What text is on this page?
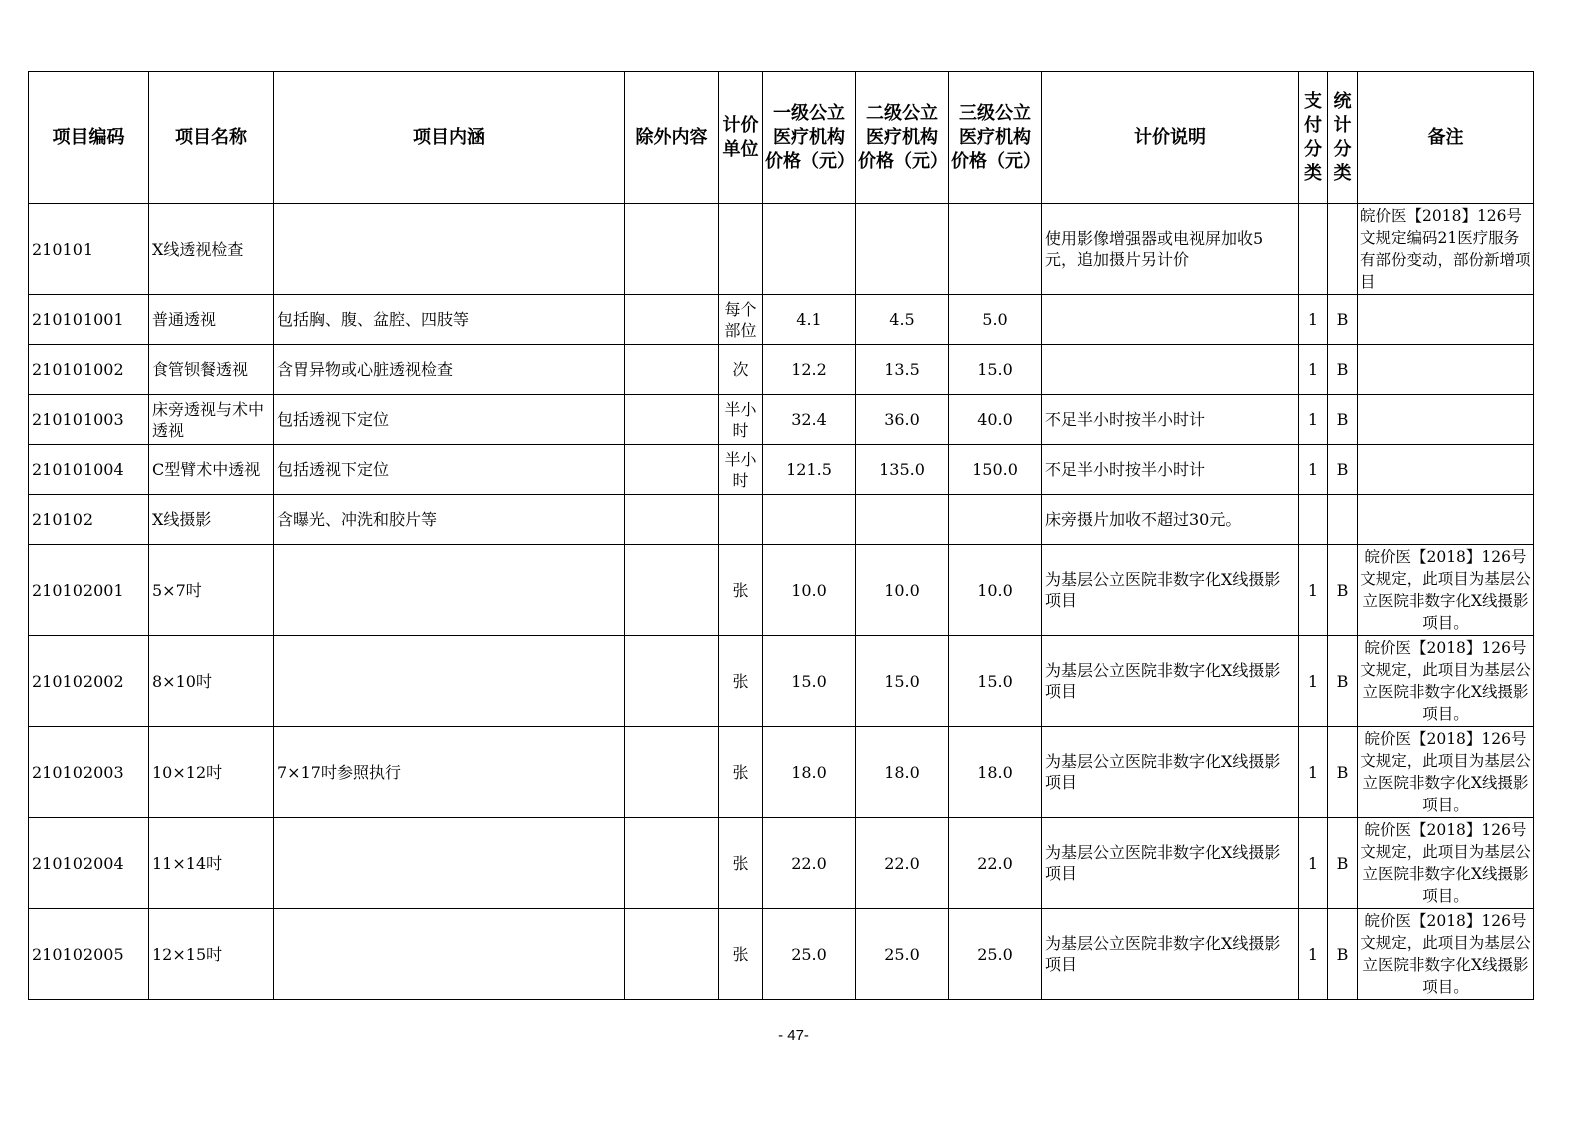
项目编码	项目名称	项目内涵	除外内容	计价单位	一级公立医疗机构价格（元）	二级公立医疗机构价格（元）	三级公立医疗机构价格（元）	计价说明	支付分类	统计分类	备注
210101	X线透视检查							使用影像增强器或电视屏加收5元，追加摄片另计价			皖价医【2018】126号文规定编码21医疗服务有部份变动，部份新增项目
210101001	普通透视	包括胸、腹、盆腔、四肢等		每个部位	4.1	4.5	5.0		1	B	
210101002	食管钡餐透视	含胃异物或心脏透视检查		次	12.2	13.5	15.0		1	B	
210101003	床旁透视与术中透视	包括透视下定位		半小时	32.4	36.0	40.0	不足半小时按半小时计	1	B	
210101004	C型臂术中透视	包括透视下定位		半小时	121.5	135.0	150.0	不足半小时按半小时计	1	B	
210102	X线摄影	含曝光、冲洗和胶片等						床旁摄片加收不超过30元。			
210102001	5×7吋			张	10.0	10.0	10.0	为基层公立医院非数字化X线摄影项目	1	B	皖价医【2018】126号文规定，此项目为基层公立医院非数字化X线摄影项目。
210102002	8×10吋			张	15.0	15.0	15.0	为基层公立医院非数字化X线摄影项目	1	B	皖价医【2018】126号文规定，此项目为基层公立医院非数字化X线摄影项目。
210102003	10×12吋	7×17吋参照执行		张	18.0	18.0	18.0	为基层公立医院非数字化X线摄影项目	1	B	皖价医【2018】126号文规定，此项目为基层公立医院非数字化X线摄影项目。
210102004	11×14吋			张	22.0	22.0	22.0	为基层公立医院非数字化X线摄影项目	1	B	皖价医【2018】126号文规定，此项目为基层公立医院非数字化X线摄影项目。
210102005	12×15吋			张	25.0	25.0	25.0	为基层公立医院非数字化X线摄影项目	1	B	皖价医【2018】126号文规定，此项目为基层公立医院非数字化X线摄影项目。
- 47-
